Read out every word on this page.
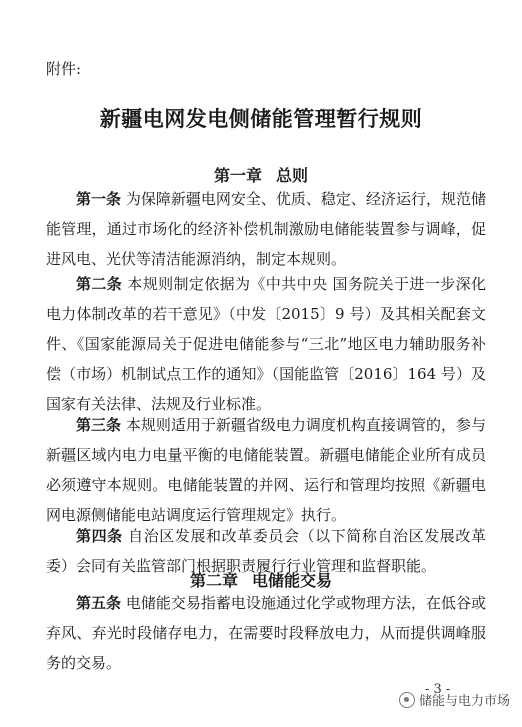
附件:
新疆电网发电侧储能管理暂行规则
第一章 总则

第一条 为保障新疆电网安全、优质、稳定、经济运行，规范储能管理，通过市场化的经济补偿机制激励电储能装置参与调峰，促进风电、光伏等清洁能源消纳，制定本规则。

第二条 本规则制定依据为《中共中央 国务院关于进一步深化电力体制改革的若干意见》（中发〔2015〕9 号）及其相关配套文件、《国家能源局关于促进电储能参与“三北”地区电力辅助服务补偿（市场）机制试点工作的通知》（国能监管〔2016〕164 号）及国家有关法律、法规及行业标准。

第三条 本规则适用于新疆省级电力调度机构直接调管的，参与新疆区域内电力电量平衡的电储能装置。新疆电储能企业所有成员必须遵守本规则。电储能装置的并网、运行和管理均按照《新疆电网电源侧储能电站调度运行管理规定》执行。

第四条 自治区发展和改革委员会（以下简称自治区发展改革委）会同有关监管部门根据职责履行行业管理和监督职能。

第二章 电储能交易

第五条 电储能交易指蓄电设施通过化学或物理方法，在低谷或弃风、弃光时段储存电力，在需要时段释放电力，从而提供调峰服务的交易。

- 3 -
储能与电力市场
